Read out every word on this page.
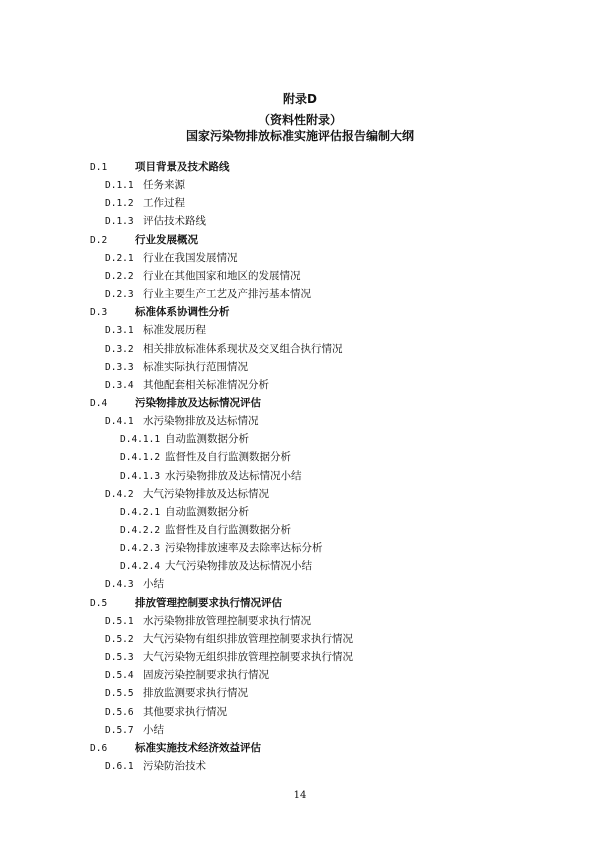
附录D
（资料性附录）
国家污染物排放标准实施评估报告编制大纲
D.1	项目背景及技术路线
D.1.1 任务来源
D.1.2 工作过程
D.1.3 评估技术路线
D.2	行业发展概况
D.2.1 行业在我国发展情况
D.2.2 行业在其他国家和地区的发展情况
D.2.3 行业主要生产工艺及产排污基本情况
D.3	标准体系协调性分析
D.3.1 标准发展历程
D.3.2 相关排放标准体系现状及交叉组合执行情况
D.3.3 标准实际执行范围情况
D.3.4 其他配套相关标准情况分析
D.4	污染物排放及达标情况评估
D.4.1 水污染物排放及达标情况
D.4.1.1 自动监测数据分析
D.4.1.2 监督性及自行监测数据分析
D.4.1.3 水污染物排放及达标情况小结
D.4.2 大气污染物排放及达标情况
D.4.2.1 自动监测数据分析
D.4.2.2 监督性及自行监测数据分析
D.4.2.3 污染物排放速率及去除率达标分析
D.4.2.4 大气污染物排放及达标情况小结
D.4.3 小结
D.5	排放管理控制要求执行情况评估
D.5.1 水污染物排放管理控制要求执行情况
D.5.2 大气污染物有组织排放管理控制要求执行情况
D.5.3 大气污染物无组织排放管理控制要求执行情况
D.5.4 固废污染控制要求执行情况
D.5.5 排放监测要求执行情况
D.5.6 其他要求执行情况
D.5.7 小结
D.6	标准实施技术经济效益评估
D.6.1 污染防治技术
14
